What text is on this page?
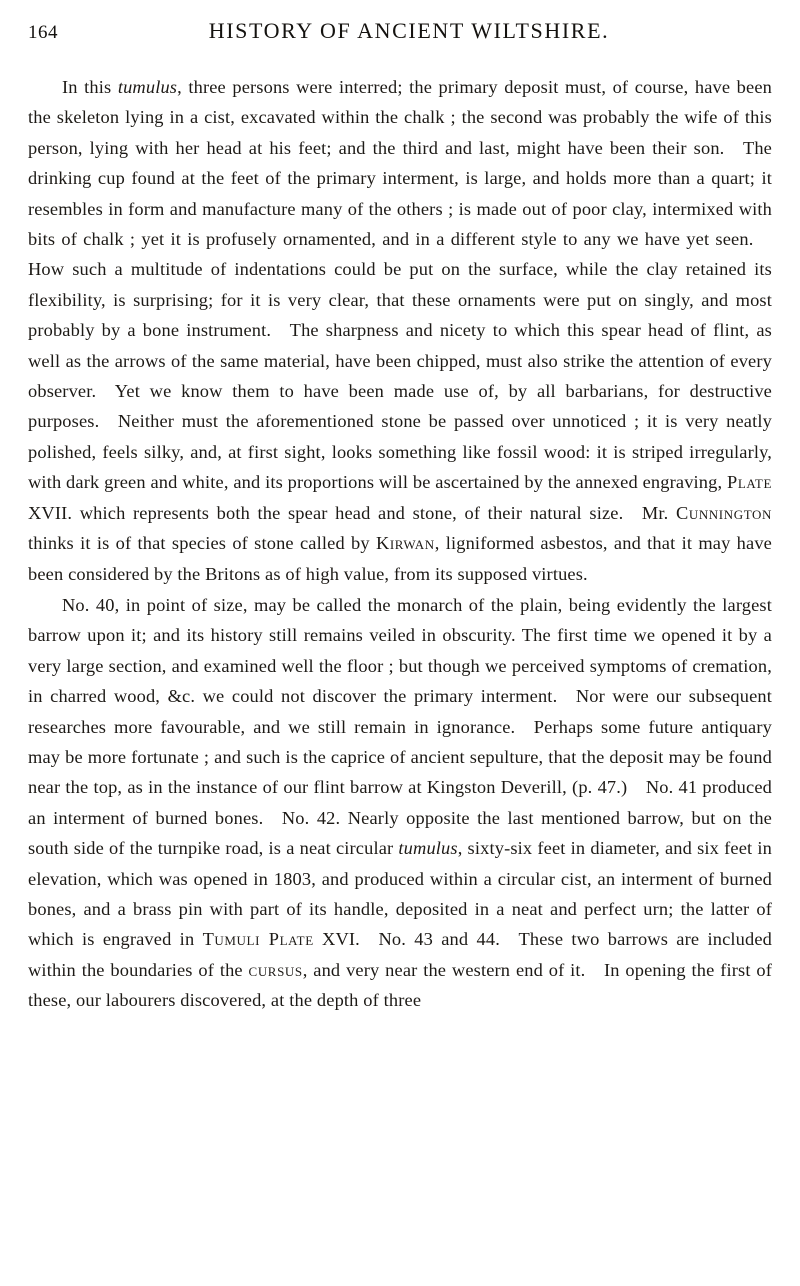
164	HISTORY OF ANCIENT WILTSHIRE.

In this tumulus, three persons were interred; the primary deposit must, of course, have been the skeleton lying in a cist, excavated within the chalk ; the second was probably the wife of this person, lying with her head at his feet; and the third and last, might have been their son. The drinking cup found at the feet of the primary interment, is large, and holds more than a quart; it resembles in form and manufacture many of the others ; is made out of poor clay, intermixed with bits of chalk ; yet it is profusely ornamented, and in a different style to any we have yet seen. How such a multitude of indentations could be put on the surface, while the clay retained its flexibility, is surprising; for it is very clear, that these ornaments were put on singly, and most probably by a bone instrument. The sharpness and nicety to which this spear head of flint, as well as the arrows of the same material, have been chipped, must also strike the attention of every observer. Yet we know them to have been made use of, by all barbarians, for destructive purposes. Neither must the aforementioned stone be passed over unnoticed ; it is very neatly polished, feels silky, and, at first sight, looks something like fossil wood: it is striped irregularly, with dark green and white, and its proportions will be ascertained by the annexed engraving, Plate XVII. which represents both the spear head and stone, of their natural size. Mr. Cunnington thinks it is of that species of stone called by Kirwan, ligniformed asbestos, and that it may have been considered by the Britons as of high value, from its supposed virtues.

No. 40, in point of size, may be called the monarch of the plain, being evidently the largest barrow upon it; and its history still remains veiled in obscurity. The first time we opened it by a very large section, and examined well the floor ; but though we perceived symptoms of cremation, in charred wood, &c. we could not discover the primary interment. Nor were our subsequent researches more favourable, and we still remain in ignorance. Perhaps some future antiquary may be more fortunate ; and such is the caprice of ancient sepulture, that the deposit may be found near the top, as in the instance of our flint barrow at Kingston Deverill, (p. 47.) No. 41 produced an interment of burned bones. No. 42. Nearly opposite the last mentioned barrow, but on the south side of the turnpike road, is a neat circular tumulus, sixty-six feet in diameter, and six feet in elevation, which was opened in 1803, and produced within a circular cist, an interment of burned bones, and a brass pin with part of its handle, deposited in a neat and perfect urn; the latter of which is engraved in Tumuli Plate XVI. No. 43 and 44. These two barrows are included within the boundaries of the cursus, and very near the western end of it. In opening the first of these, our labourers discovered, at the depth of three
